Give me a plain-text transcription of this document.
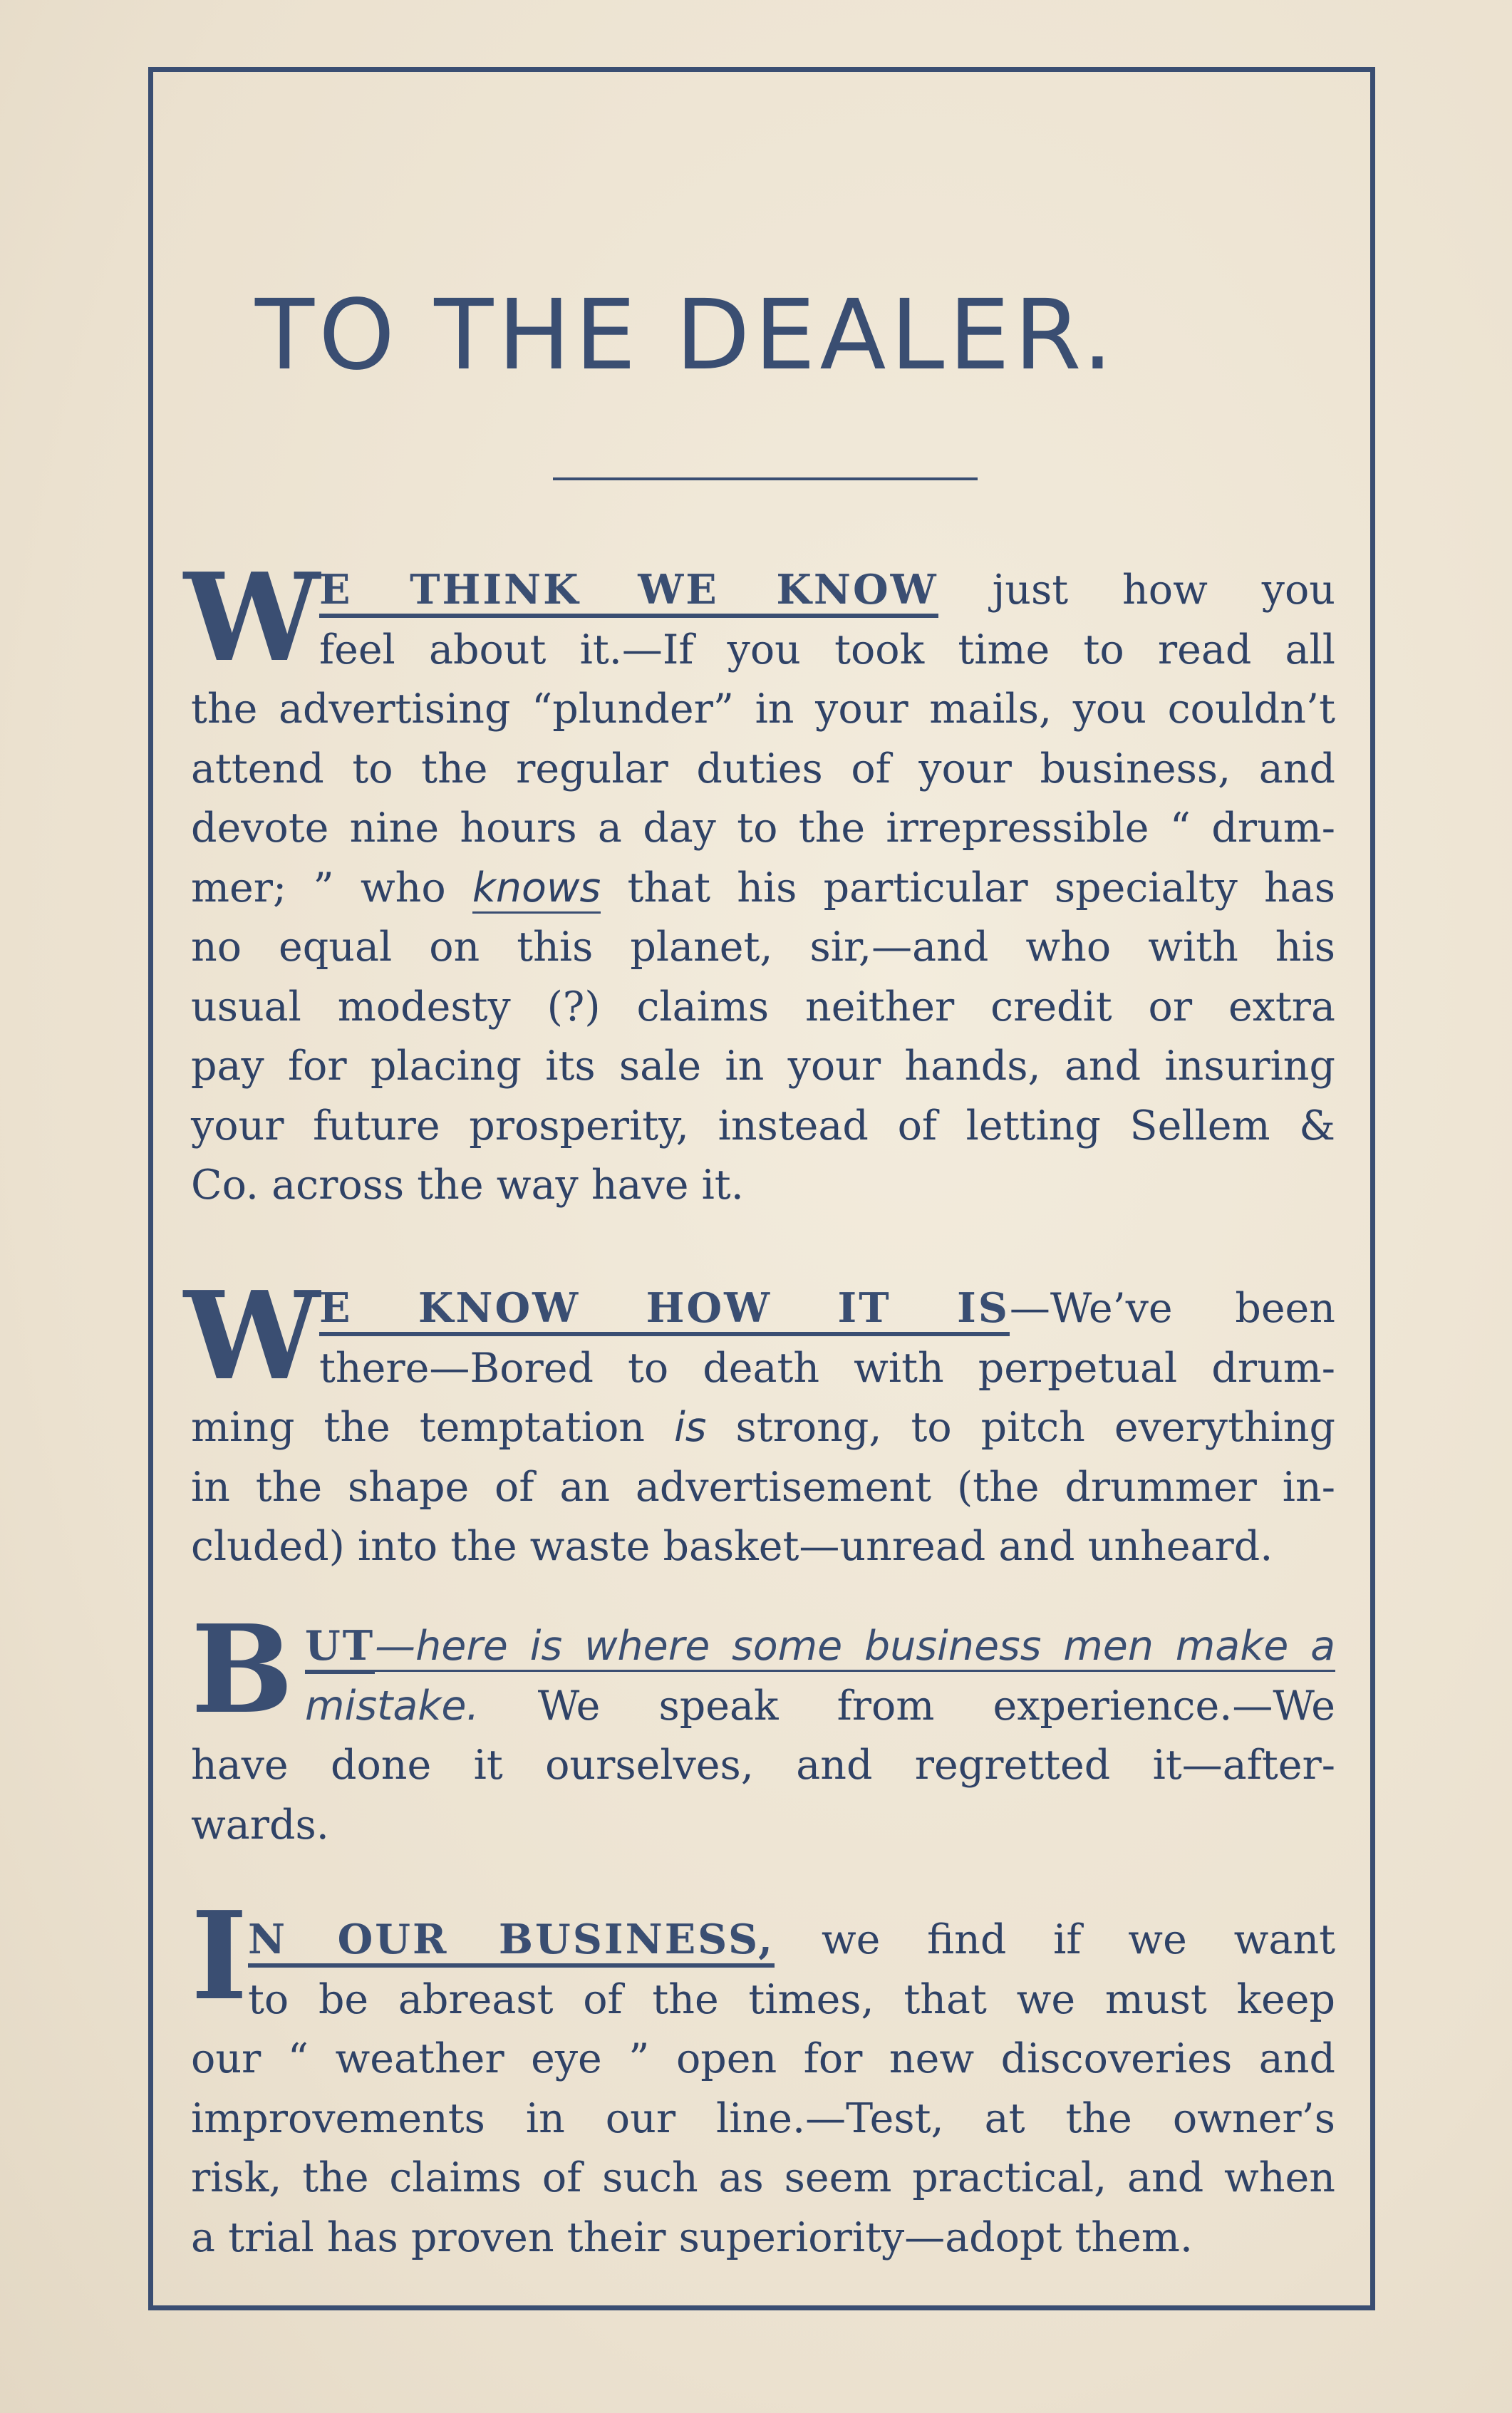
TO THE DEALER.
W E THINK WE KNOW just how you
feel about it.—If you took time to read all
the advertising “plunder” in your mails, you couldn’t
attend to the regular duties of your business, and
devote nine hours a day to the irrepressible “ drum-
mer; ” who knows that his particular specialty has
no equal on this planet, sir,—and who with his
usual modesty (?) claims neither credit or extra
pay for placing its sale in your hands, and insuring
your future prosperity, instead of letting Sellem &
Co. across the way have it.
W E KNOW HOW IT IS—We’ve been
there—Bored to death with perpetual drum-
ming the temptation is strong, to pitch everything
in the shape of an advertisement (the drummer in-
cluded) into the waste basket—unread and unheard.
B UT—here is where some business men make a
mistake. We speak from experience.—We
have done it ourselves, and regretted it—after-
wards.
I N OUR BUSINESS, we find if we want
to be abreast of the times, that we must keep
our “ weather eye ” open for new discoveries and
improvements in our line.—Test, at the owner’s
risk, the claims of such as seem practical, and when
a trial has proven their superiority—adopt them.
